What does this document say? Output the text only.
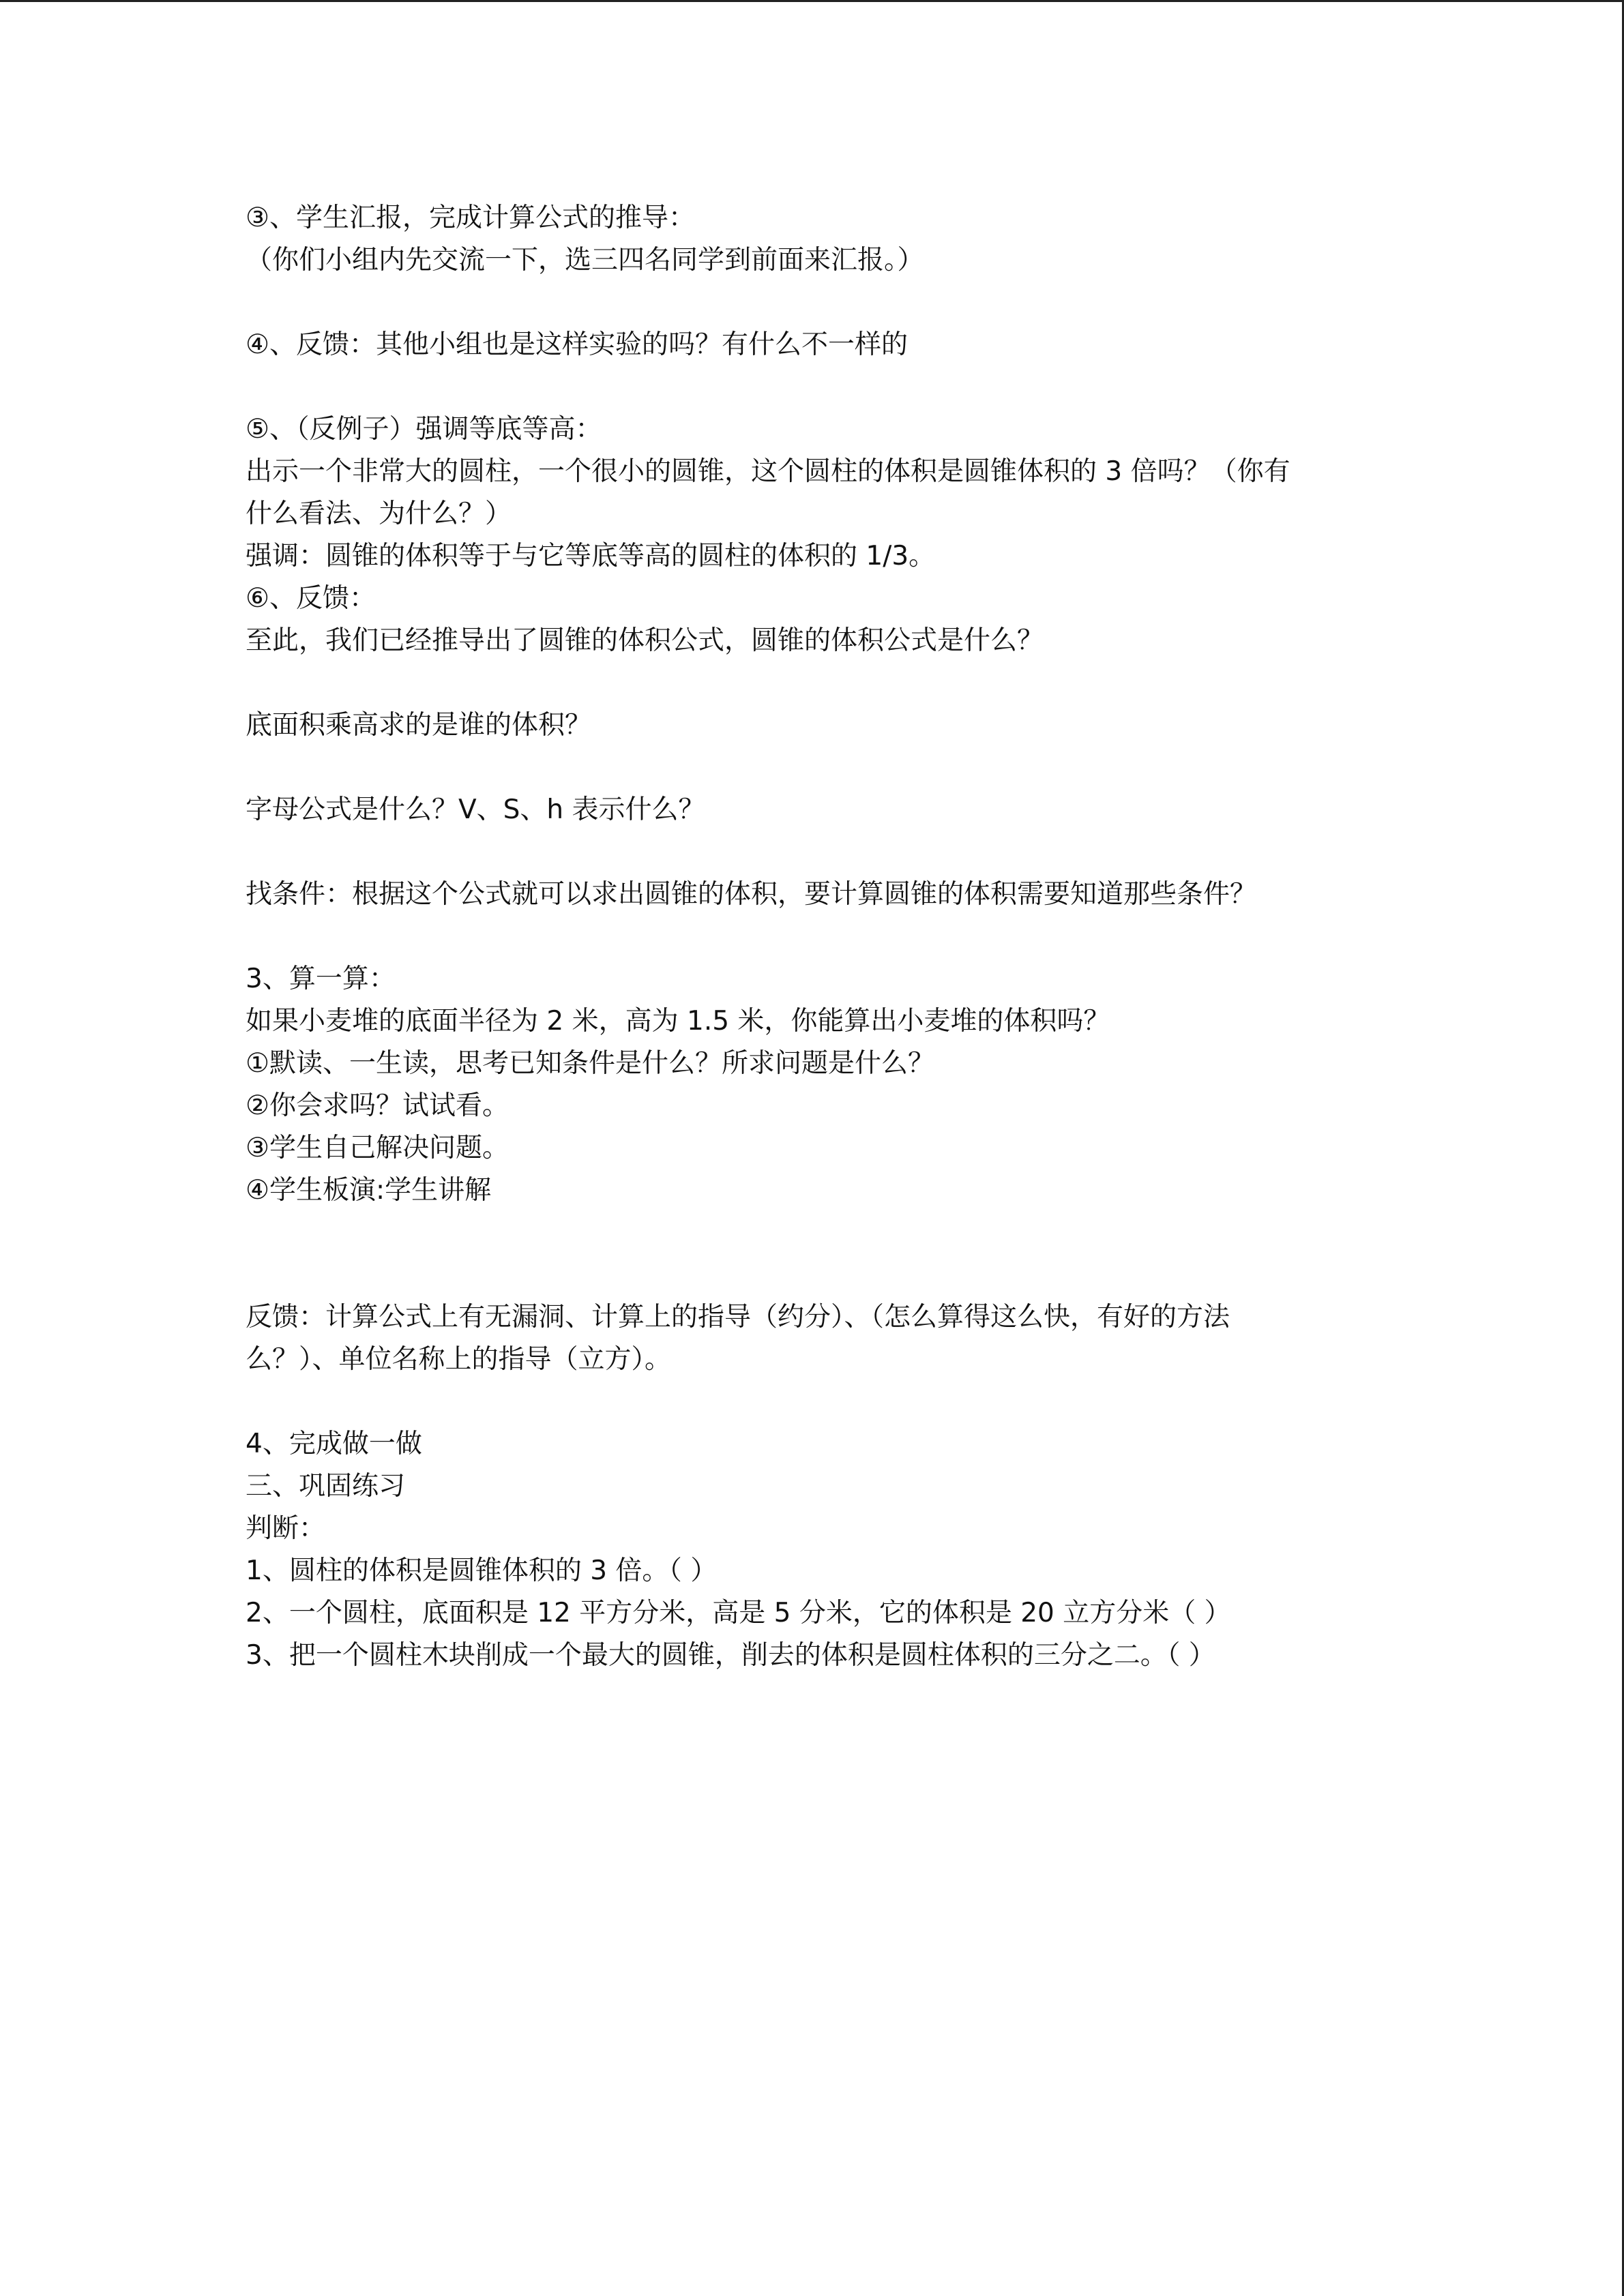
③、学生汇报，完成计算公式的推导：
（你们小组内先交流一下，选三四名同学到前面来汇报。）
④、反馈：其他小组也是这样实验的吗？有什么不一样的
⑤、（反例子）强调等底等高：
出示一个非常大的圆柱，一个很小的圆锥，这个圆柱的体积是圆锥体积的 3 倍吗？（你有
什么看法、为什么？）
强调：圆锥的体积等于与它等底等高的圆柱的体积的 1/3。
⑥、反馈：
至此，我们已经推导出了圆锥的体积公式，圆锥的体积公式是什么？
底面积乘高求的是谁的体积？
字母公式是什么？V、S、h 表示什么？
找条件：根据这个公式就可以求出圆锥的体积，要计算圆锥的体积需要知道那些条件？
3、算一算：
如果小麦堆的底面半径为 2 米，高为 1.5 米，你能算出小麦堆的体积吗？
①默读、一生读，思考已知条件是什么？所求问题是什么？
②你会求吗？试试看。
③学生自己解决问题。
④学生板演:学生讲解
反馈：计算公式上有无漏洞、计算上的指导（约分）、（怎么算得这么快，有好的方法
么？）、单位名称上的指导（立方）。
4、完成做一做
三、巩固练习
判断：
1、圆柱的体积是圆锥体积的 3 倍。（ ）
2、一个圆柱，底面积是 12 平方分米，高是 5 分米，它的体积是 20 立方分米（ ）
3、把一个圆柱木块削成一个最大的圆锥，削去的体积是圆柱体积的三分之二。（ ）
